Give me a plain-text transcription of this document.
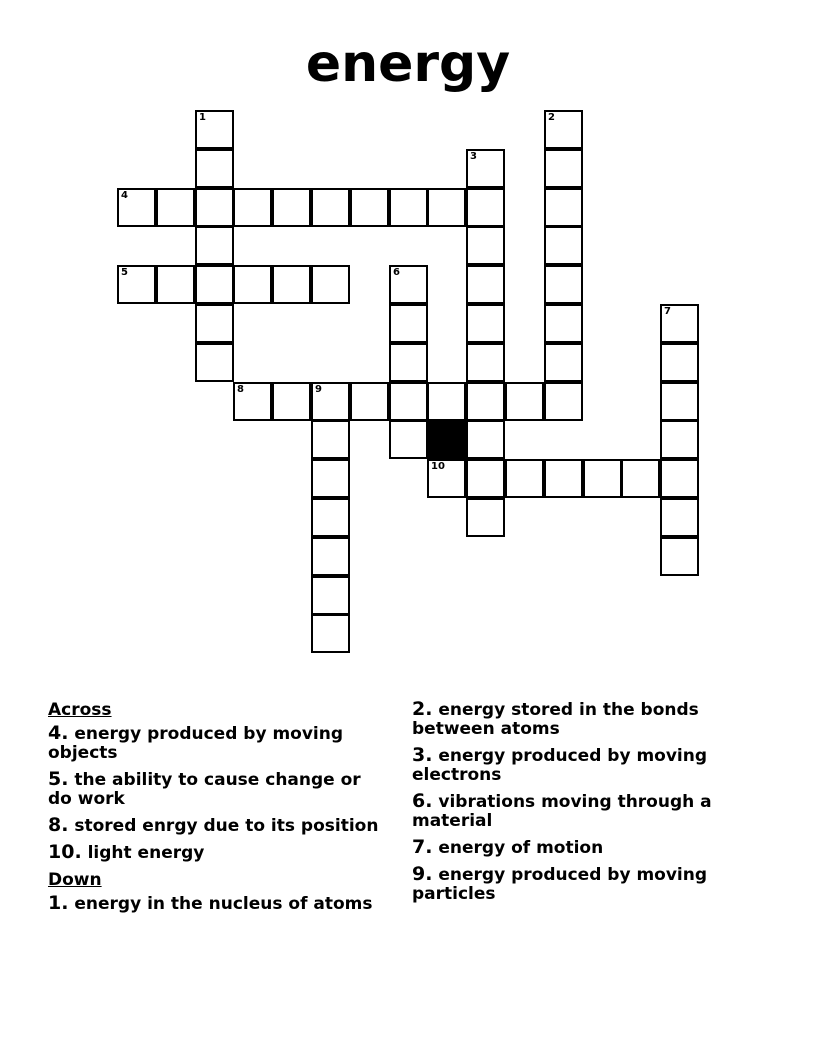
energy
1	2
3
4
5	6
7
8	9
10
Across
4. energy produced by moving objects
5. the ability to cause change or do work
8. stored enrgy due to its position
10. light energy
Down
1. energy in the nucleus of atoms
2. energy stored in the bonds between atoms
3. energy produced by moving electrons
6. vibrations moving through a material
7. energy of motion
9. energy produced by moving particles
